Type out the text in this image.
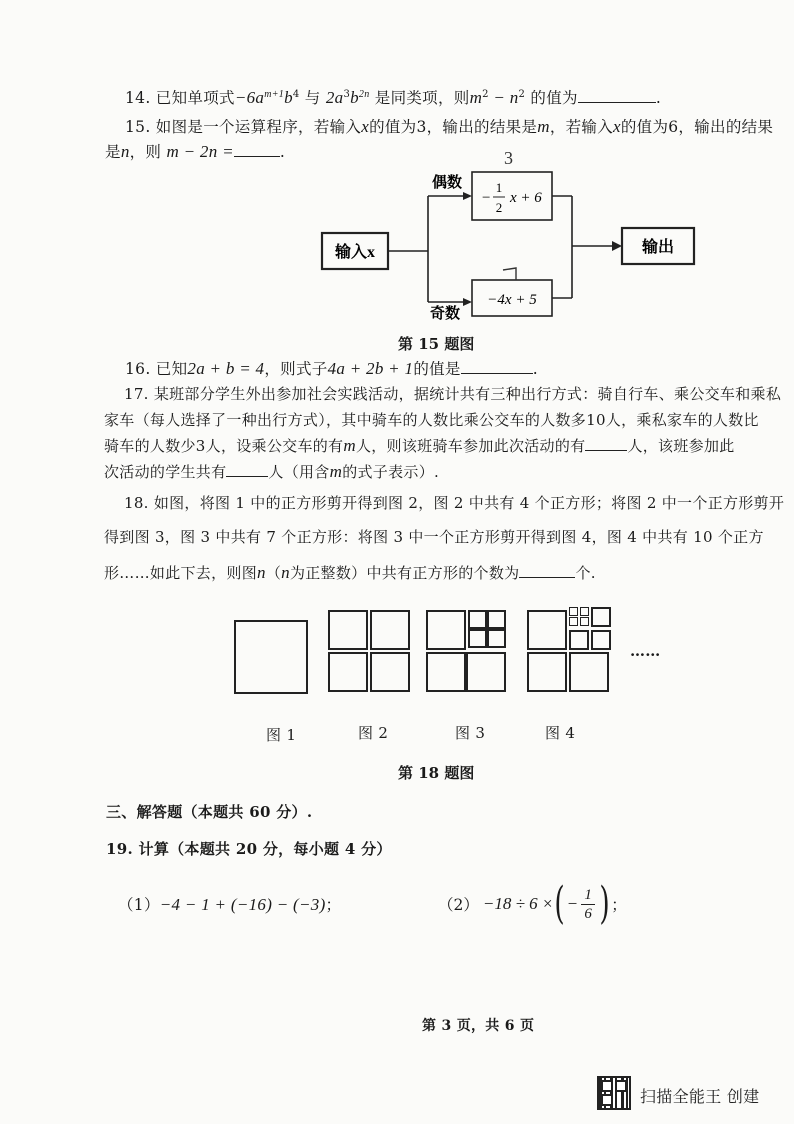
14. 已知单项式$-6a^{m+1}b^4$ 与 $2a^3b^{2n}$ 是同类项，则$m^2 - n^2$ 的值为	.
15. 如图是一个运算程序，若输入x的值为3，输出的结果是m，若输入x的值为6，输出的结果
是n，则 m − 2n =	.
输入x
偶数
奇数
−
1
2
x + 6
3
−4x + 5
输出
第 15 题图
16. 已知2a + b = 4，则式子4a + 2b + 1的值是	.
17. 某班部分学生外出参加社会实践活动，据统计共有三种出行方式：骑自行车、乘公交车和乘私
家车（每人选择了一种出行方式），其中骑车的人数比乘公交车的人数多10人，乘私家车的人数比
骑车的人数少3人，设乘公交车的有m人，则该班骑车参加此次活动的有	人，该班参加此
次活动的学生共有	人（用含m的式子表示）.
18. 如图，将图 1 中的正方形剪开得到图 2，图 2 中共有 4 个正方形；将图 2 中一个正方形剪开
得到图 3，图 3 中共有 7 个正方形：将图 3 中一个正方形剪开得到图 4，图 4 中共有 10 个正方
形……如此下去，则图n（n为正整数）中共有正方形的个数为	个.
……
图 1	图 2	图 3	图 4
第 18 题图
三、解答题（本题共 60 分）.
19. 计算（本题共 20 分，每小题 4 分）
（1）−4 − 1 + (−16) − (−3)；	（2） −18 ÷ 6 × ( − 1
6 ) ；
第 3 页，共 6 页
扫描全能王 创建
